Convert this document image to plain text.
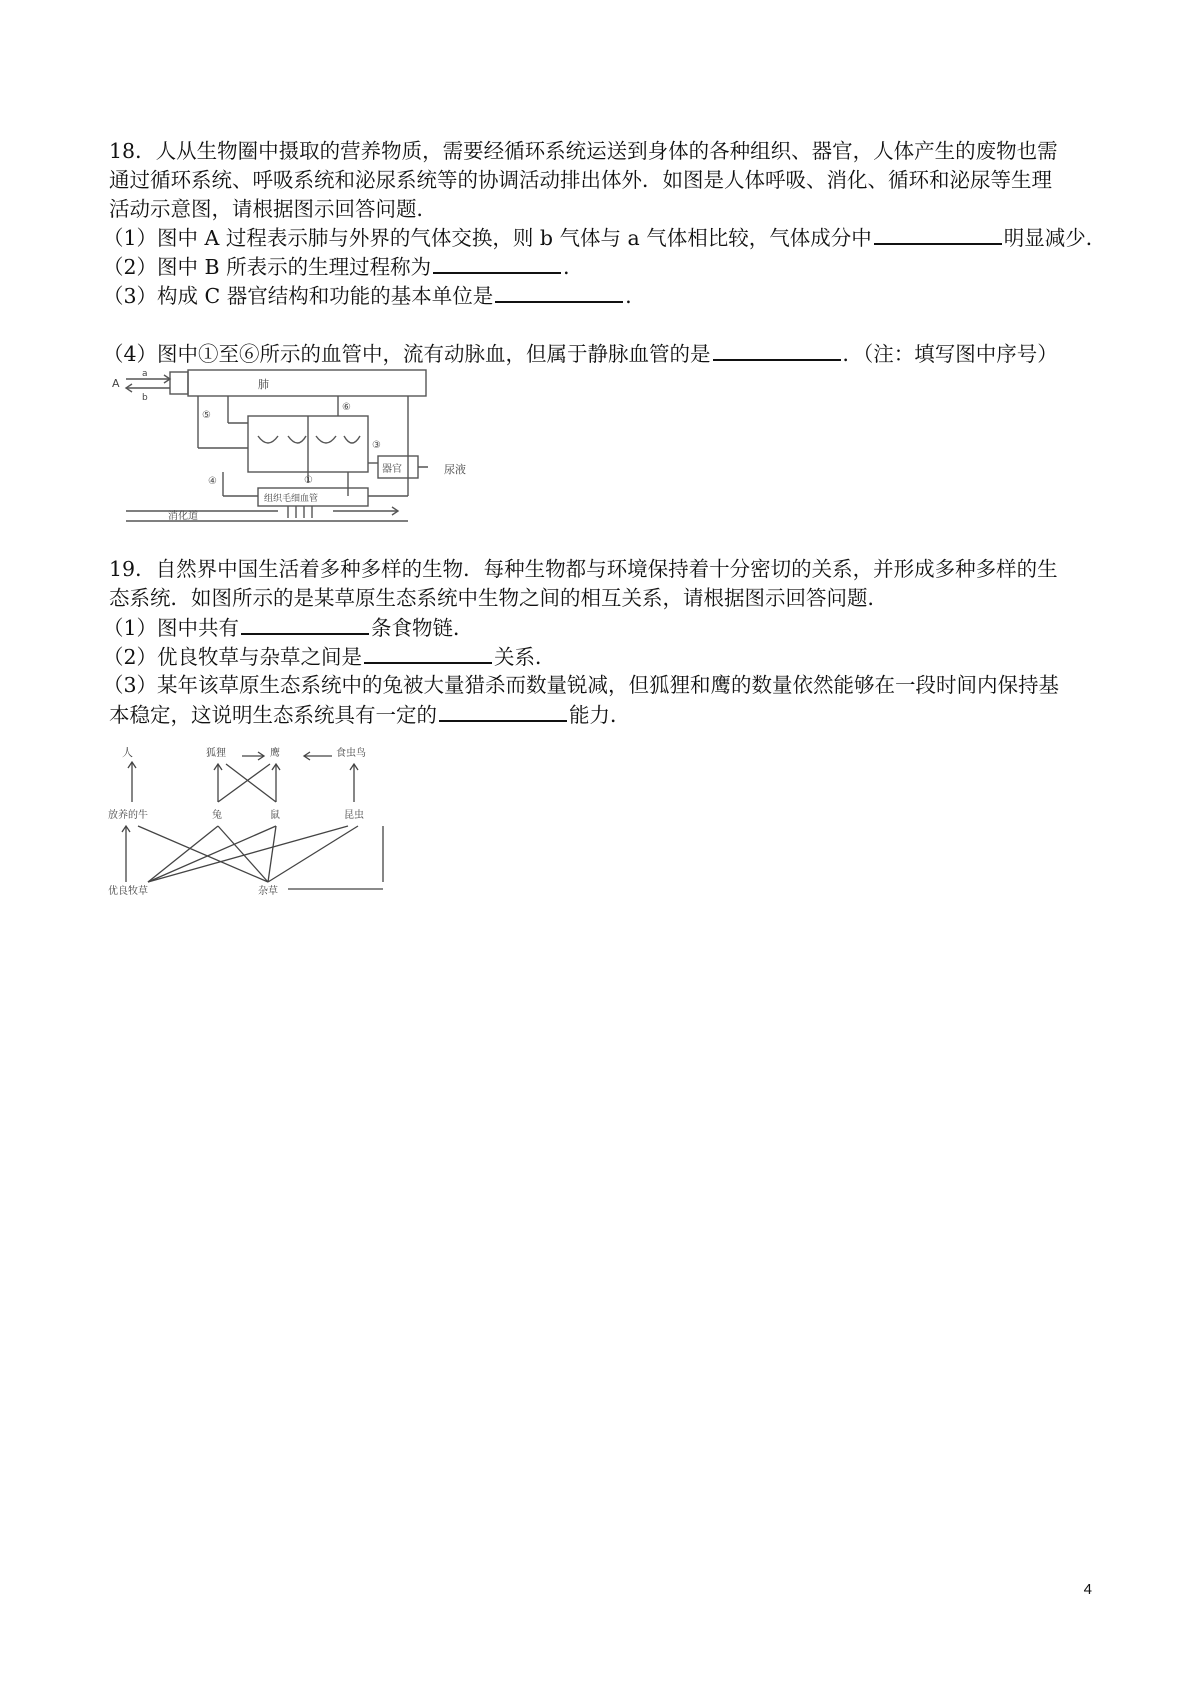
18．人从生物圈中摄取的营养物质，需要经循环系统运送到身体的各种组织、器官，人体产生的废物也需
通过循环系统、呼吸系统和泌尿系统等的协调活动排出体外．如图是人体呼吸、消化、循环和泌尿等生理
活动示意图，请根据图示回答问题．
（1）图中 A 过程表示肺与外界的气体交换，则 b 气体与 a 气体相比较，气体成分中	明显减少．
（2）图中 B 所表示的生理过程称为	．
（3）构成 C 器官结构和功能的基本单位是	．
（4）图中①至⑥所示的血管中，流有动脉血，但属于静脉血管的是	．（注：填写图中序号）
A
a
b
肺
⑤
⑥
③
④	①
器官
组织毛细血管
消化道
尿液
19．自然界中国生活着多种多样的生物．每种生物都与环境保持着十分密切的关系，并形成多种多样的生
态系统．如图所示的是某草原生态系统中生物之间的相互关系，请根据图示回答问题．
（1）图中共有	条食物链．
（2）优良牧草与杂草之间是	关系．
（3）某年该草原生态系统中的兔被大量猎杀而数量锐减，但狐狸和鹰的数量依然能够在一段时间内保持基
本稳定，这说明生态系统具有一定的	能力．
人	狐狸	鹰	食虫鸟
放养的牛	兔	鼠	昆虫
优良牧草	杂草
4
